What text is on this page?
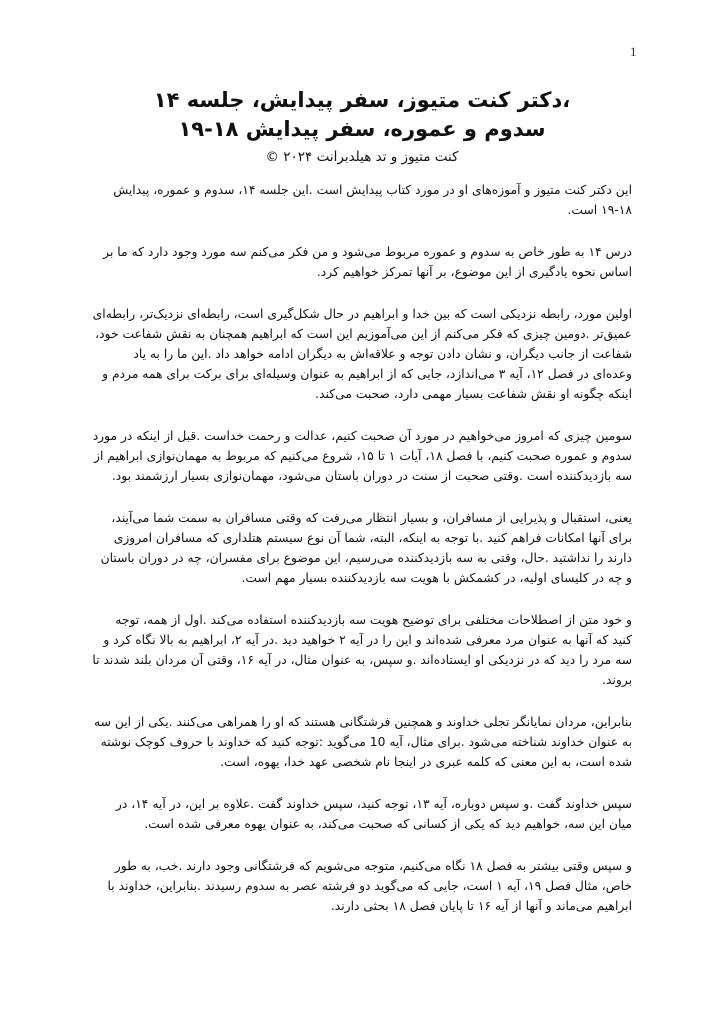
1
،دکتر کنت متیوز، سفر پیدایش، جلسه ۱۴
سدوم و عموره، سفر پیدایش ۱۸-۱۹
کنت متیوز و تد هیلدبرانت ۲۰۲۴ ©

این دکتر کنت متیوز و آموزه‌های او در مورد کتاب پیدایش است .این جلسه ۱۴، سدوم و عموره، پیدایش ۱۸-۱۹ است.

درس ۱۴ به طور خاص به سدوم و عموره مربوط می‌شود و من فکر می‌کنم سه مورد وجود دارد که ما بر اساس نحوه یادگیری از این موضوع، بر آنها تمرکز خواهیم کرد.

اولین مورد، رابطه نزدیکی است که بین خدا و ابراهیم در حال شکل‌گیری است، رابطه‌ای نزدیک‌تر، رابطه‌ای عمیق‌تر .دومین چیزی که فکر می‌کنم از این می‌آموزیم این است که ابراهیم همچنان به نقش شفاعت خود، شفاعت از جانب دیگران، و نشان دادن توجه و علاقه‌اش به دیگران ادامه خواهد داد .این ما را به یاد وعده‌ای در فصل ۱۲، آیه ۳ می‌اندازد، جایی که از ابراهیم به عنوان وسیله‌ای برای برکت برای همه مردم و اینکه چگونه او نقش شفاعت بسیار مهمی دارد، صحبت می‌کند.

سومین چیزی که امروز می‌خواهیم در مورد آن صحبت کنیم، عدالت و رحمت خداست .قبل از اینکه در مورد سدوم و عموره صحبت کنیم، با فصل ۱۸، آیات ۱ تا ۱۵، شروع می‌کنیم که مربوط به مهمان‌نوازی ابراهیم از سه بازدیدکننده است .وقتی صحبت از سنت در دوران باستان می‌شود، مهمان‌نوازی بسیار ارزشمند بود.

یعنی، استقبال و پذیرایی از مسافران، و بسیار انتظار می‌رفت که وقتی مسافران به سمت شما می‌آیند، برای آنها امکانات فراهم کنید .با توجه به اینکه، البته، شما آن نوع سیستم هتلداری که مسافران امروزی دارند را نداشتید .حال، وقتی به سه بازدیدکننده می‌رسیم، این موضوع برای مفسران، چه در دوران باستان و چه در کلیسای اولیه، در کشمکش با هویت سه بازدیدکننده بسیار مهم است.

و خود متن از اصطلاحات مختلفی برای توضیح هویت سه بازدیدکننده استفاده می‌کند .اول از همه، توجه کنید که آنها به عنوان مرد معرفی شده‌اند و این را در آیه ۲ خواهید دید .در آیه ۲، ابراهیم به بالا نگاه کرد و سه مرد را دید که در نزدیکی او ایستاده‌اند .و سپس، به عنوان مثال، در آیه ۱۶، وقتی آن مردان بلند شدند تا بروند.

بنابراین، مردان نمایانگر تجلی خداوند و همچنین فرشتگانی هستند که او را همراهی می‌کنند .یکی از این سه به عنوان خداوند شناخته می‌شود .برای مثال، آیه 10 می‌گوید :توجه کنید که خداوند با حروف کوچک نوشته شده است، به این معنی که کلمه عبری در اینجا نام شخصی عهد خدا، یهوه، است.

سپس خداوند گفت .و سپس دوباره، آیه ۱۳، توجه کنید، سپس خداوند گفت .علاوه بر این، در آیه ۱۴، در میان این سه، خواهیم دید که یکی از کسانی که صحبت می‌کند، به عنوان یهوه معرفی شده است.

و سپس وقتی بیشتر به فصل ۱۸ نگاه می‌کنیم، متوجه می‌شویم که فرشتگانی وجود دارند .خب، به طور خاص، مثال فصل ۱۹، آیه ۱ است، جایی که می‌گوید دو فرشته عصر به سدوم رسیدند .بنابراین، خداوند با ابراهیم می‌ماند و آنها از آیه ۱۶ تا پایان فصل ۱۸ بحثی دارند.
